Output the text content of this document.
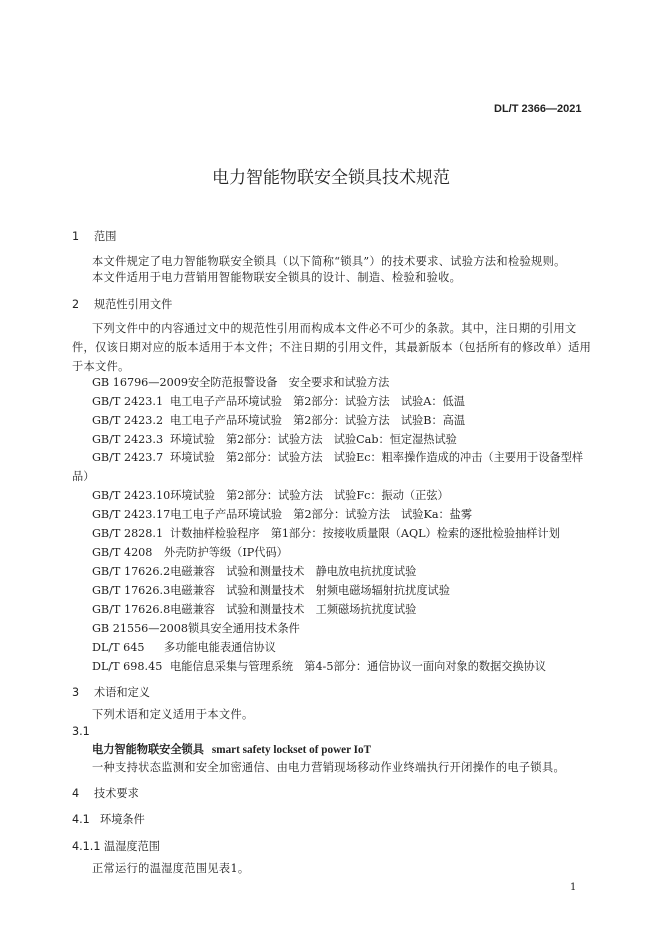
DL/T 2366—2021
电力智能物联安全锁具技术规范
1 范围
本文件规定了电力智能物联安全锁具（以下简称“锁具”）的技术要求、试验方法和检验规则。
本文件适用于电力营销用智能物联安全锁具的设计、制造、检验和验收。
2 规范性引用文件
下列文件中的内容通过文中的规范性引用而构成本文件必不可少的条款。其中，注日期的引用文件，仅该日期对应的版本适用于本文件；不注日期的引用文件，其最新版本（包括所有的修改单）适用于本文件。
GB 16796—2009安全防范报警设备　安全要求和试验方法
GB/T 2423.1 电工电子产品环境试验　第2部分：试验方法　试验A：低温
GB/T 2423.2 电工电子产品环境试验　第2部分：试验方法　试验B：高温
GB/T 2423.3 环境试验　第2部分：试验方法　试验Cab：恒定湿热试验
GB/T 2423.7 环境试验　第2部分：试验方法　试验Ec：粗率操作造成的冲击（主要用于设备型样品）
GB/T 2423.10环境试验　第2部分：试验方法　试验Fc：振动（正弦）
GB/T 2423.17电工电子产品环境试验　第2部分：试验方法　试验Ka：盐雾
GB/T 2828.1 计数抽样检验程序　第1部分：按接收质量限（AQL）检索的逐批检验抽样计划
GB/T 4208 外壳防护等级（IP代码）
GB/T 17626.2电磁兼容　试验和测量技术　静电放电抗扰度试验
GB/T 17626.3电磁兼容　试验和测量技术　射频电磁场辐射抗扰度试验
GB/T 17626.8电磁兼容　试验和测量技术　工频磁场抗扰度试验
GB 21556—2008锁具安全通用技术条件
DL/T 645 多功能电能表通信协议
DL/T 698.45 电能信息采集与管理系统　第4-5部分：通信协议一面向对象的数据交换协议
3 术语和定义
下列术语和定义适用于本文件。
3.1
电力智能物联安全锁具 smart safety lockset of power IoT
一种支持状态监测和安全加密通信、由电力营销现场移动作业终端执行开闭操作的电子锁具。
4 技术要求
4.1 环境条件
4.1.1 温湿度范围
正常运行的温湿度范围见表1。
1
